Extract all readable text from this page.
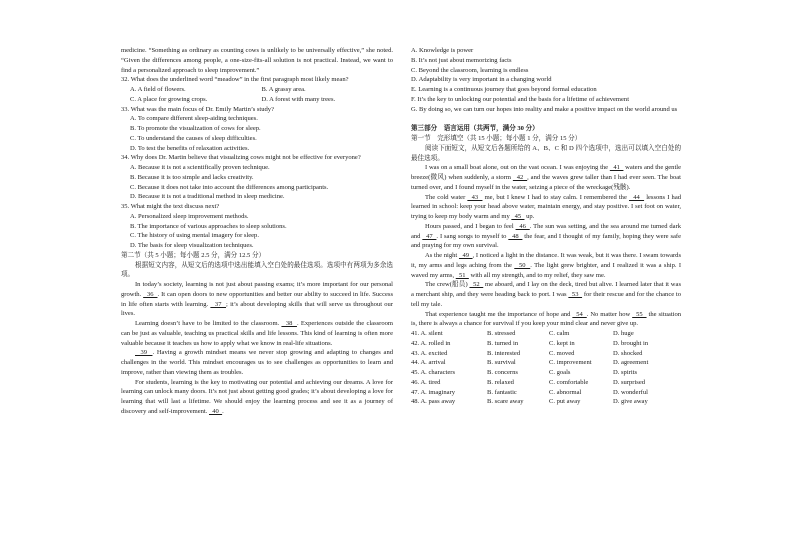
medicine. “Something as ordinary as counting cows is unlikely to be universally effective,” she noted. “Given the differences among people, a one-size-fits-all solution is not practical. Instead, we want to find a personalized approach to sleep improvement.”
32. What does the underlined word “meadow” in the first paragraph most likely mean?
A. A field of flowers.	B. A grassy area.
C. A place for growing crops.	D. A forest with many trees.
33. What was the main focus of Dr. Emily Martin’s study?
A. To compare different sleep-aiding techniques.
B. To promote the visualization of cows for sleep.
C. To understand the causes of sleep difficulties.
D. To test the benefits of relaxation activities.
34. Why does Dr. Martin believe that visualizing cows might not be effective for everyone?
A. Because it is not a scientifically proven technique.
B. Because it is too simple and lacks creativity.
C. Because it does not take into account the differences among participants.
D. Because it is not a traditional method in sleep medicine.
35. What might the text discuss next?
A. Personalized sleep improvement methods.
B. The importance of various approaches to sleep solutions.
C. The history of using mental imagery for sleep.
D. The basis for sleep visualization techniques.
第二节（共 5 小题；每小题 2.5 分，满分 12.5 分）
根据短文内容，从短文后的选项中选出能填入空白处的最佳选项。选项中有两项为多余选项。
In today’s society, learning is not just about passing exams; it’s more important for our personal growth.   36  . It can open doors to new opportunities and better our ability to succeed in life. Success in life often starts with learning.   37  ; it’s about developing skills that will serve us throughout our lives.
Learning doesn’t have to be limited to the classroom.   38  . Experiences outside the classroom can be just as valuable, teaching us practical skills and life lessons. This kind of learning is often more valuable because it teaches us how to apply what we know in real-life situations.
39  . Having a growth mindset means we never stop growing and adapting to changes and challenges in the world. This mindset encourages us to see challenges as opportunities to learn and improve, rather than viewing them as troubles.
For students, learning is the key to motivating our potential and achieving our dreams. A love for learning can unlock many doors. It’s not just about getting good grades; it’s about developing a love for learning that will last a lifetime. We should enjoy the learning process and see it as a journey of discovery and self-improvement.   40  .
A. Knowledge is power
B. It’s not just about memorizing facts
C. Beyond the classroom, learning is endless
D. Adaptability is very important in a changing world
E. Learning is a continuous journey that goes beyond formal education
F. It’s the key to unlocking our potential and the basis for a lifetime of achievement
G. By doing so, we can turn our hopes into reality and make a positive impact on the world around us
第三部分　语言运用（共两节，满分 30 分）
第一节　完形填空（共 15 小题；每小题 1 分，满分 15 分）
阅读下面短文，从短文后各题所给的 A、B、C 和 D 四个选项中，选出可以填入空白处的最佳选项。
I was on a small boat alone, out on the vast ocean. I was enjoying the   41   waters and the gentle breeze(微风) when suddenly, a storm   42  , and the waves grew taller than I had ever seen. The boat turned over, and I found myself in the water, seizing a piece of the wreckage(残骸).
The cold water   43   me, but I knew I had to stay calm. I remembered the   44   lessons I had learned in school: keep your head above water, maintain energy, and stay positive. I set foot on water, trying to keep my body warm and my   45   up.
Hours passed, and I began to feel   46  . The sun was setting, and the sea around me turned dark and   47  . I sang songs to myself to   48   the fear, and I thought of my family, hoping they were safe and praying for my own survival.
As the night   49  , I noticed a light in the distance. It was weak, but it was there. I swam towards it, my arms and legs aching from the   50  . The light grew brighter, and I realized it was a ship. I waved my arms,   51   with all my strength, and to my relief, they saw me.
The crew(船员)   52   me aboard, and I lay on the deck, tired but alive. I learned later that it was a merchant ship, and they were heading back to port. I was   53   for their rescue and for the chance to tell my tale.
That experience taught me the importance of hope and   54  . No matter how   55   the situation is, there is always a chance for survival if you keep your mind clear and never give up.
41. A. silent	B. stressed	C. calm	D. huge
42. A. rolled in	B. turned in	C. kept in	D. brought in
43. A. excited	B. interested	C. moved	D. shocked
44. A. arrival	B. survival	C. improvement	D. agreement
45. A. characters	B. concerns	C. goals	D. spirits
46. A. tired	B. relaxed	C. comfortable	D. surprised
47. A. imaginary	B. fantastic	C. abnormal	D. wonderful
48. A. pass away	B. scare away	C. put away	D. give away
